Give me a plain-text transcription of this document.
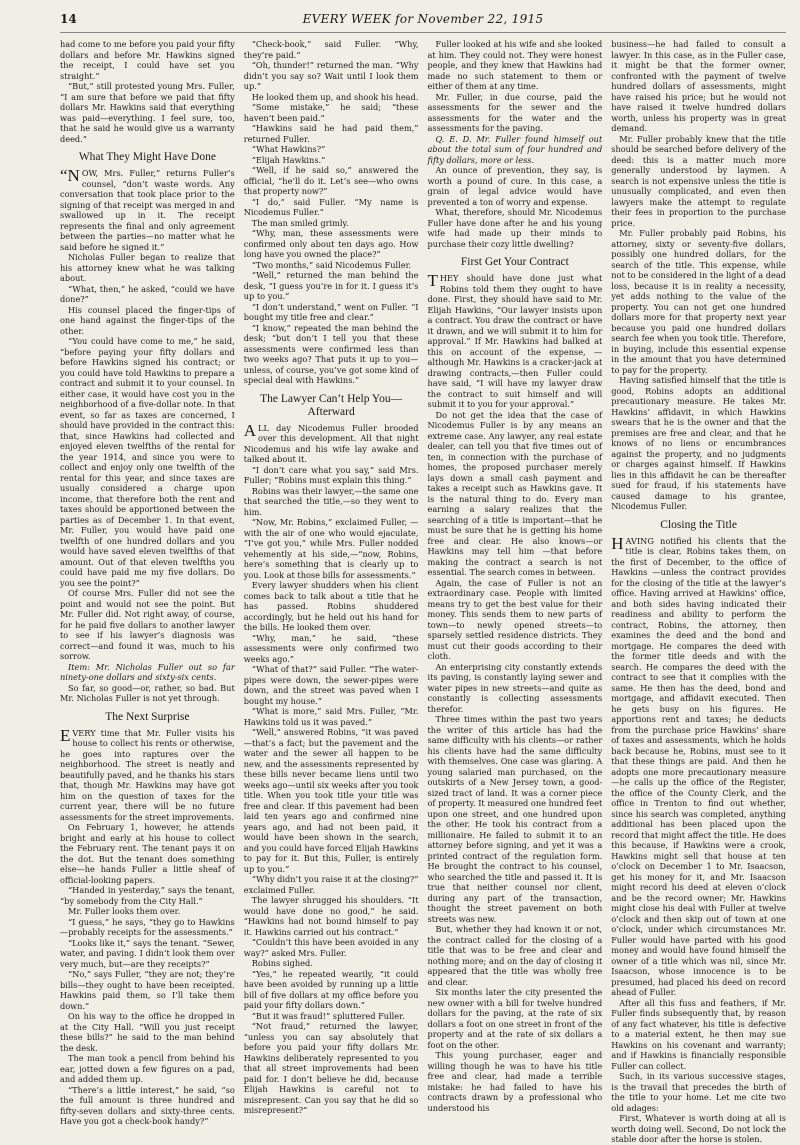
14	EVERY WEEK for November 22, 1915

had come to me before you paid your fifty dollars and before Mr. Hawkins signed the receipt, I could have set you straight.”

“But,” still protested young Mrs. Fuller, “I am sure that before we paid that fifty dollars Mr. Hawkins said that everything was paid—everything. I feel sure, too, that he said he would give us a warranty deed.”

What They Might Have Done

“NOW, Mrs. Fuller,” returns Fuller’s counsel, “don’t waste words. Any conversation that took place prior to the signing of that receipt was merged in and swallowed up in it. The receipt represents the final and only agreement between the parties—no matter what he said before he signed it.”

Nicholas Fuller began to realize that his attorney knew what he was talking about.

“What, then,” he asked, “could we have done?”

His counsel placed the finger-tips of one hand against the finger-tips of the other.

“You could have come to me,” he said, “before paying your fifty dollars and before Hawkins signed his contract; or you could have told Hawkins to prepare a contract and submit it to your counsel. In either case, it would have cost you in the neighborhood of a five-dollar note. In that event, so far as taxes are concerned, I should have provided in the contract this: that, since Hawkins had collected and enjoyed eleven twelfths of the rental for the year 1914, and since you were to collect and enjoy only one twelfth of the rental for this year, and since taxes are usually considered a charge upon income, that therefore both the rent and taxes should be apportioned between the parties as of December 1. In that event, Mr. Fuller, you would have paid one twelfth of one hundred dollars and you would have saved eleven twelfths of that amount. Out of that eleven twelfths you could have paid me my five dollars. Do you see the point?”

Of course Mrs. Fuller did not see the point and would not see the point. But Mr. Fuller did. Not right away, of course, for he paid five dollars to another lawyer to see if his lawyer’s diagnosis was correct—and found it was, much to his sorrow.

Item: Mr. Nicholas Fuller out so far ninety-one dollars and sixty-six cents.

So far, so good—or, rather, so bad. But Mr. Nicholas Fuller is not yet through.

The Next Surprise

EVERY time that Mr. Fuller visits his house to collect his rents or otherwise, he goes into raptures over the neighborhood. The street is neatly and beautifully paved, and he thanks his stars that, though Mr. Hawkins may have got him on the question of taxes for the current year, there will be no future assessments for the street improvements.

On February 1, however, he attends bright and early at his house to collect the February rent. The tenant pays it on the dot. But the tenant does something else—he hands Fuller a little sheaf of official-looking papers.

“Handed in yesterday,” says the tenant, “by somebody from the City Hall.”

Mr. Fuller looks them over.

“I guess,” he says, “they go to Hawkins—probably receipts for the assessments.”

“Looks like it,” says the tenant. “Sewer, water, and paving. I didn’t look them over very much, but—are they receipts?”

“No,” says Fuller, “they are not; they’re bills—they ought to have been receipted. Hawkins paid them, so I’ll take them down.”

On his way to the office he dropped in at the City Hall. “Will you just receipt these bills?” he said to the man behind the desk.

The man took a pencil from behind his ear, jotted down a few figures on a pad, and added them up.

“There’s a little interest,” he said, “so the full amount is three hundred and fifty-seven dollars and sixty-three cents. Have you got a check-book handy?”

“Check-book,” said Fuller. “Why, they’re paid.”

“Oh, thunder!” returned the man. “Why didn’t you say so? Wait until I look them up.”

He looked them up, and shook his head.

“Some mistake,” he said; “these haven’t been paid.”

“Hawkins said he had paid them,” returned Fuller.

“What Hawkins?”

“Elijah Hawkins.”

“Well, if he said so,” answered the official, “he’ll do it. Let’s see—who owns that property now?”

“I do,” said Fuller. “My name is Nicodemus Fuller.”

The man smiled grimly.

“Why, man, these assessments were confirmed only about ten days ago. How long have you owned the place?”

“Two months,” said Nicodemus Fuller.

“Well,” returned the man behind the desk, “I guess you’re in for it. I guess it’s up to you.”

“I don’t understand,” went on Fuller. “I bought my title free and clear.”

“I know,” repeated the man behind the desk; “but don’t I tell you that these assessments were confirmed less than two weeks ago? That puts it up to you—unless, of course, you’ve got some kind of special deal with Hawkins.”

The Lawyer Can’t Help You—Afterward

ALL day Nicodemus Fuller brooded over this development. All that night Nicodemus and his wife lay awake and talked about it.

“I don’t care what you say,” said Mrs. Fuller; “Robins must explain this thing.”

Robins was their lawyer,—the same one that searched the title,—so they went to him.

“Now, Mr. Robins,” exclaimed Fuller, —with the air of one who would ejaculate, “I’ve got you,” while Mrs. Fuller nodded vehemently at his side,—“now, Robins, here’s something that is clearly up to you. Look at those bills for assessments.”

Every lawyer shudders when his client comes back to talk about a title that he has passed. Robins shuddered accordingly, but he held out his hand for the bills. He looked them over.

“Why, man,” he said, “these assessments were only confirmed two weeks ago.”

“What of that?” said Fuller. “The water-pipes were down, the sewer-pipes were down, and the street was paved when I bought my house.”

“What is more,” said Mrs. Fuller, “Mr. Hawkins told us it was paved.”

“Well,” answered Robins, “it was paved—that’s a fact; but the pavement and the water and the sewer all happen to be new, and the assessments represented by these bills never became liens until two weeks ago—until six weeks after you took title. When you took title your title was free and clear. If this pavement had been laid ten years ago and confirmed nine years ago, and had not been paid, it would have been shown in the search, and you could have forced Elijah Hawkins to pay for it. But this, Fuller, is entirely up to you.”

“Why didn’t you raise it at the closing?” exclaimed Fuller.

The lawyer shrugged his shoulders. “It would have done no good,” he said. “Hawkins had not bound himself to pay it. Hawkins carried out his contract.”

“Couldn’t this have been avoided in any way?” asked Mrs. Fuller.

Robins sighed.

“Yes,” he repeated wearily, “it could have been avoided by running up a little bill of five dollars at my office before you paid your fifty dollars down.”

“But it was fraud!” spluttered Fuller.

“Not fraud,” returned the lawyer, “unless you can say absolutely that before you paid your fifty dollars Mr. Hawkins deliberately represented to you that all street improvements had been paid for. I don’t believe he did, because Elijah Hawkins is careful not to misrepresent. Can you say that he did so misrepresent?”

Fuller looked at his wife and she looked at him. They could not. They were honest people, and they knew that Hawkins had made no such statement to them or either of them at any time.

Mr. Fuller, in due course, paid the assessments for the sewer and the assessments for the water and the assessments for the paving.

Q. E. D. Mr. Fuller found himself out about the total sum of four hundred and fifty dollars, more or less.

An ounce of prevention, they say, is worth a pound of cure. In this case, a grain of legal advice would have prevented a ton of worry and expense.

What, therefore, should Mr. Nicodemus Fuller have done after he and his young wife had made up their minds to purchase their cozy little dwelling?

First Get Your Contract

THEY should have done just what Robins told them they ought to have done. First, they should have said to Mr. Elijah Hawkins, “Our lawyer insists upon a contract. You draw the contract or have it drawn, and we will submit it to him for approval.” If Mr. Hawkins had balked at this on account of the expense, —although Mr. Hawkins is a cracker-jack at drawing contracts,—then Fuller could have said, “I will have my lawyer draw the contract to suit himself and will submit it to you for your approval.”

Do not get the idea that the case of Nicodemus Fuller is by any means an extreme case. Any lawyer, any real estate dealer, can tell you that five times out of ten, in connection with the purchase of homes, the proposed purchaser merely lays down a small cash payment and takes a receipt such as Hawkins gave. It is the natural thing to do. Every man earning a salary realizes that the searching of a title is important—that he must be sure that he is getting his home free and clear. He also knows—or Hawkins may tell him —that before making the contract a search is not essential. The search comes in between.

Again, the case of Fuller is not an extraordinary case. People with limited means try to get the best value for their money. This sends them to new parts of town—to newly opened streets—to sparsely settled residence districts. They must cut their goods according to their cloth.

An enterprising city constantly extends its paving, is constantly laying sewer and water pipes in new streets—and quite as constantly is collecting assessments therefor.

Three times within the past two years the writer of this article has had the same difficulty with his clients—or rather his clients have had the same difficulty with themselves. One case was glaring. A young salaried man purchased, on the outskirts of a New Jersey town, a good-sized tract of land. It was a corner piece of property. It measured one hundred feet upon one street, and one hundred upon the other. He took his contract from a millionaire. He failed to submit it to an attorney before signing, and yet it was a printed contract of the regulation form. He brought the contract to his counsel, who searched the title and passed it. It is true that neither counsel nor client, during any part of the transaction, thought the street pavement on both streets was new.

But, whether they had known it or not, the contract called for the closing of a title that was to be free and clear and nothing more; and on the day of closing it appeared that the title was wholly free and clear.

Six months later the city presented the new owner with a bill for twelve hundred dollars for the paving, at the rate of six dollars a foot on one street in front of the property and at the rate of six dollars a foot on the other.

This young purchaser, eager and willing though he was to have his title free and clear, had made a terrible mistake: he had failed to have his contracts drawn by a professional who understood his

business—he had failed to consult a lawyer. In this case, as in the Fuller case, it might be that the former owner, confronted with the payment of twelve hundred dollars of assessments, might have raised his price; but he would not have raised it twelve hundred dollars worth, unless his property was in great demand.

Mr. Fuller probably knew that the title should be searched before delivery of the deed: this is a matter much more generally understood by laymen. A search is not expensive unless the title is unusually complicated, and even then lawyers make the attempt to regulate their fees in proportion to the purchase price.

Mr. Fuller probably paid Robins, his attorney, sixty or seventy-five dollars, possibly one hundred dollars, for the search of the title. This expense, while not to be considered in the light of a dead loss, because it is in reality a necessity, yet adds nothing to the value of the property. You can not get one hundred dollars more for that property next year because you paid one hundred dollars search fee when you took title. Therefore, in buying, include this essential expense in the amount that you have determined to pay for the property.

Having satisfied himself that the title is good, Robins adopts an additional precautionary measure. He takes Mr. Hawkins’ affidavit, in which Hawkins swears that he is the owner and that the premises are free and clear, and that he knows of no liens or encumbrances against the property, and no judgments or charges against himself. If Hawkins lies in this affidavit he can be thereafter sued for fraud, if his statements have caused damage to his grantee, Nicodemus Fuller.

Closing the Title

HAVING notified his clients that the title is clear, Robins takes them, on the first of December, to the office of Hawkins —unless the contract provides for the closing of the title at the lawyer’s office. Having arrived at Hawkins’ office, and both sides having indicated their readiness and ability to perform the contract, Robins, the attorney, then examines the deed and the bond and mortgage. He compares the deed with the former title deeds and with the search. He compares the deed with the contract to see that it complies with the same. He then has the deed, bond and mortgage, and affidavit executed. Then he gets busy on his figures. He apportions rent and taxes; he deducts from the purchase price Hawkins’ share of taxes and assessments, which he holds back because he, Robins, must see to it that these things are paid. And then he adopts one more precautionary measure—he calls up the office of the Register, the office of the County Clerk, and the office in Trenton to find out whether, since his search was completed, anything additional has been placed upon the record that might affect the title. He does this because, if Hawkins were a crook, Hawkins might sell that house at ten o’clock on December 1 to Mr. Isaacson, get his money for it, and Mr. Isaacson might record his deed at eleven o’clock and be the record owner; Mr. Hawkins might close his deal with Fuller at twelve o’clock and then skip out of town at one o’clock, under which circumstances Mr. Fuller would have parted with his good money and would have found himself the owner of a title which was nil, since Mr. Isaacson, whose innocence is to be presumed, had placed his deed on record ahead of Fuller.

After all this fuss and feathers, if Mr. Fuller finds subsequently that, by reason of any fact whatever, his title is defective to a material extent, he then may sue Hawkins on his covenant and warranty; and if Hawkins is financially responsible Fuller can collect.

Such, in its various successive stages, is the travail that precedes the birth of the title to your home. Let me cite two old adages:

First, Whatever is worth doing at all is worth doing well. Second, Do not lock the stable door after the horse is stolen.
